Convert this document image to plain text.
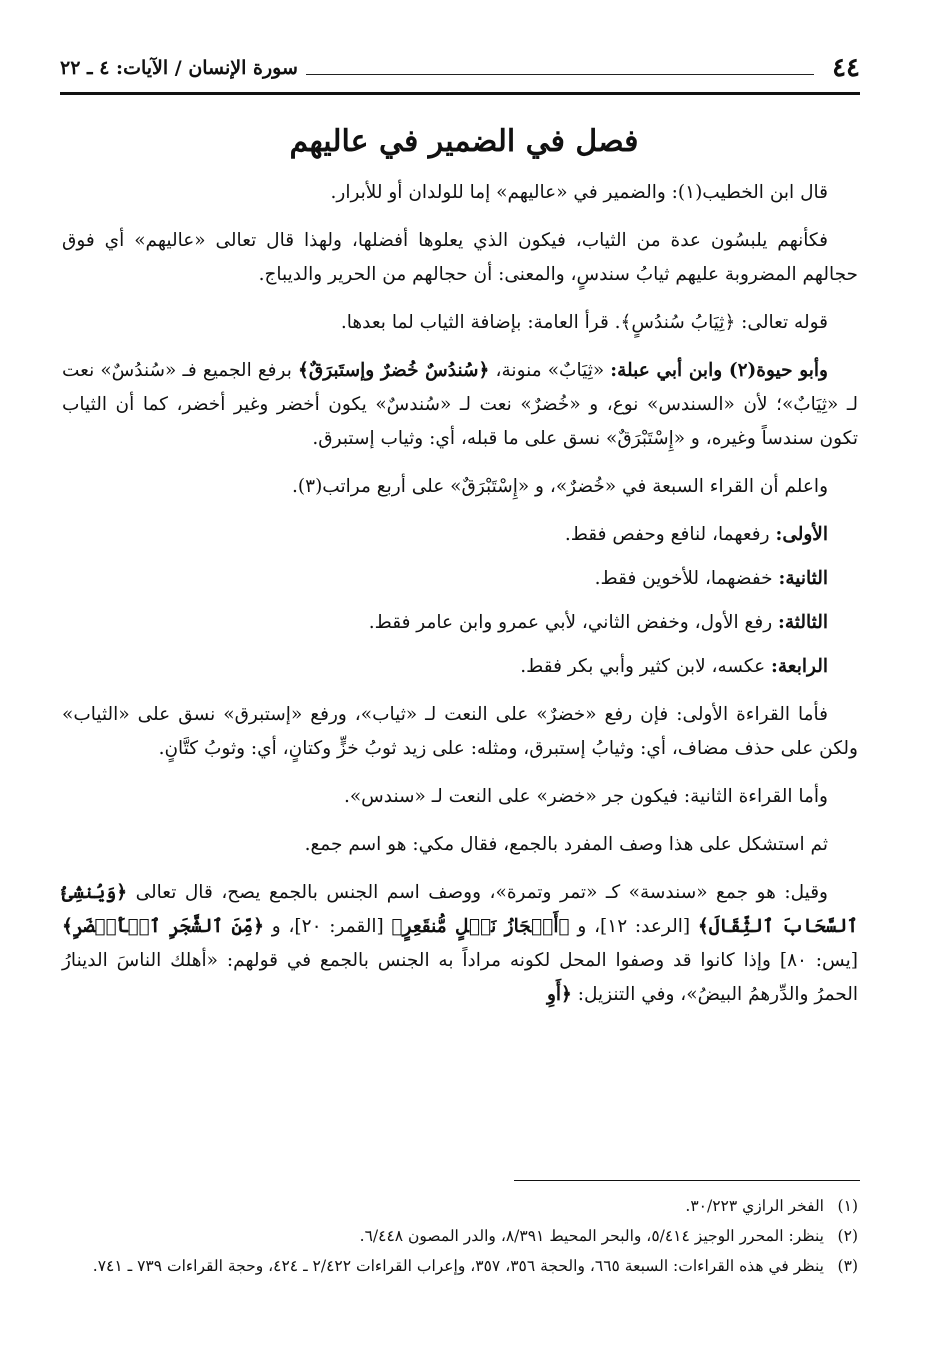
٤٤
سورة الإنسان / الآيات: ٤ ـ ٢٢
فصل في الضمير في عاليهم

قال ابن الخطيب(١): والضمير في «عاليهم» إما للولدان أو للأبرار.

فكأنهم يلبسُون عدة من الثياب، فيكون الذي يعلوها أفضلها، ولهذا قال تعالى «عاليهم» أي فوق حجالهم المضروبة عليهم ثيابُ سندسٍ، والمعنى: أن حجالهم من الحرير والديباج.

قوله تعالى: ﴿ثِيَابُ سُندُسٍ﴾. قرأ العامة: بإضافة الثياب لما بعدها.

وأبو حيوة(٢) وابن أبي عبلة: «ثِيَابٌ» منونة، ﴿سُندُسٌ خُضرٌ وإستَبرَقٌ﴾ برفع الجميع فـ «سُندُسٌ» نعت لـ «ثِيَابٌ»؛ لأن «السندس» نوع، و «خُضرٌ» نعت لـ «سُندسٌ» يكون أخضر وغير أخضر، كما أن الثياب تكون سندساً وغيره، و «إِسْتَبْرَقٌ» نسق على ما قبله، أي: وثياب إستبرق.

واعلم أن القراء السبعة في «خُضرٌ»، و «إِسْتَبْرَقٌ» على أربع مراتب(٣).

الأولى: رفعهما، لنافع وحفص فقط.

الثانية: خفضهما، للأخوين فقط.

الثالثة: رفع الأول، وخفض الثاني، لأبي عمرو وابن عامر فقط.

الرابعة: عكسه، لابن كثير وأبي بكر فقط.

فأما القراءة الأولى: فإن رفع «خضرٌ» على النعت لـ «ثياب»، ورفع «إستبرق» نسق على «الثياب» ولكن على حذف مضاف، أي: وثيابُ إستبرق، ومثله: على زيد ثوبُ خزٍّ وكتانٍ، أي: وثوبُ كتَّانٍ.

وأما القراءة الثانية: فيكون جر «خضر» على النعت لـ «سندس».

ثم استشكل على هذا وصف المفرد بالجمع، فقال مكي: هو اسم جمع.

وقيل: هو جمع «سندسة» كـ «تمر وتمرة»، ووصف اسم الجنس بالجمع يصح، قال تعالى ﴿وَيُنشِئُ ٱلسَّحَابَ ٱلثِّقَالَ﴾ [الرعد: ١٢]، و ﴿أَعۡجَازُ نَخۡلٍ مُّنقَعِرٍ﴾ [القمر: ٢٠]، و ﴿مِّنَ ٱلشَّجَرِ ٱلۡأَخۡضَرِ﴾ [يس: ٨٠] وإذا كانوا قد وصفوا المحل لكونه مراداً به الجنس بالجمع في قولهم: «أهلك الناسَ الدينارُ الحمرُ والدِّرهمُ البيضُ»، وفي التنزيل: ﴿أَوِ

(١)
الفخر الرازي ٣٠/٢٢٣.
(٢)
ينظر: المحرر الوجيز ٥/٤١٤، والبحر المحيط ٨/٣٩١، والدر المصون ٦/٤٤٨.
(٣)
ينظر في هذه القراءات: السبعة ٦٦٥، والحجة ٣٥٦، ٣٥٧، وإعراب القراءات ٢/٤٢٢ ـ ٤٢٤، وحجة القراءات ٧٣٩ ـ ٧٤١.
